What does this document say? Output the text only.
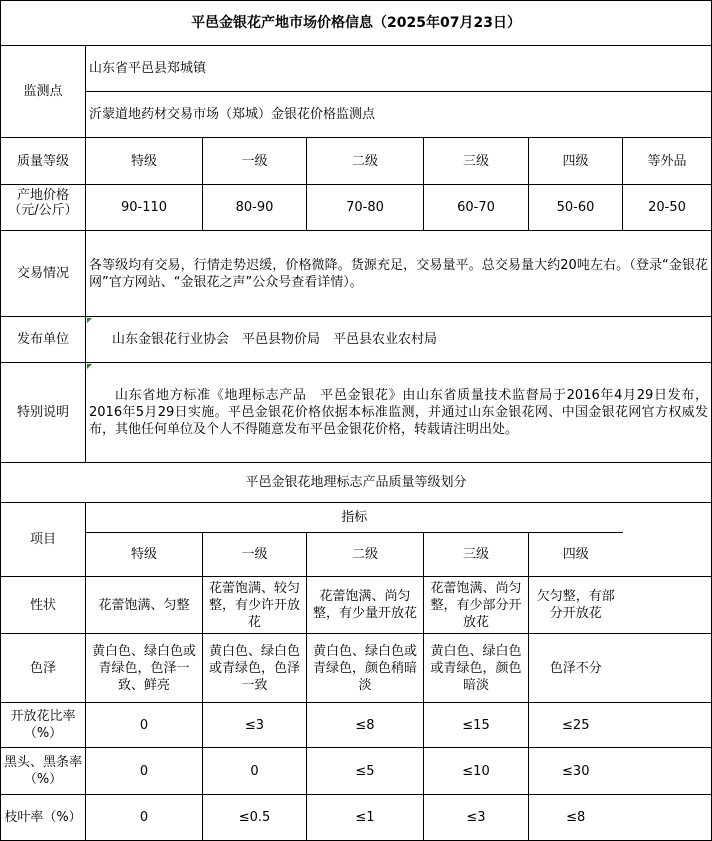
平邑金银花产地市场价格信息（2025年07月23日）						
监测点	山东省平邑县郑城镇					
	沂蒙道地药材交易市场（郑城）金银花价格监测点					
质量等级	特级	一级	二级	三级	四级	等外品

产地价格（元/公斤）	90-110	80-90	70-80	60-70	50-60	20-50
交易情况	各等级均有交易，行情走势迟缓，价格微降。货源充足，交易量平。总交易量大约20吨左右。（登录“金银花网”官方网站、“金银花之声”公众号查看详情）。					
发布单位	山东金银花行业协会　平邑县物价局　平邑县农业农村局					
特别说明	山东省地方标准《地理标志产品　平邑金银花》由山东省质量技术监督局于2016年4月29日发布，2016年5月29日实施。平邑金银花价格依据本标准监测，并通过山东金银花网、中国金银花网官方权威发布，其他任何单位及个人不得随意发布平邑金银花价格，转载请注明出处。					
平邑金银花地理标志产品质量等级划分						
项目	指标					
	特级	一级	二级	三级	四级	
性状	花蕾饱满、匀整	花蕾饱满、较匀整，有少许开放花	花蕾饱满、尚匀整，有少量开放花	花蕾饱满、尚匀整，有少部分开放花	欠匀整，有部分开放花	
色泽	黄白色、绿白色或青绿色，色泽一致、鲜亮	黄白色、绿白色或青绿色，色泽一致	黄白色、绿白色或青绿色，颜色稍暗淡	黄白色、绿白色或青绿色，颜色暗淡	色泽不分	
开放花比率（%）	0	≤3	≤8	≤15	≤25	
黑头、黑条率（%）	0	0	≤5	≤10	≤30	
枝叶率（%）	0	≤0.5	≤1	≤3	≤8	
